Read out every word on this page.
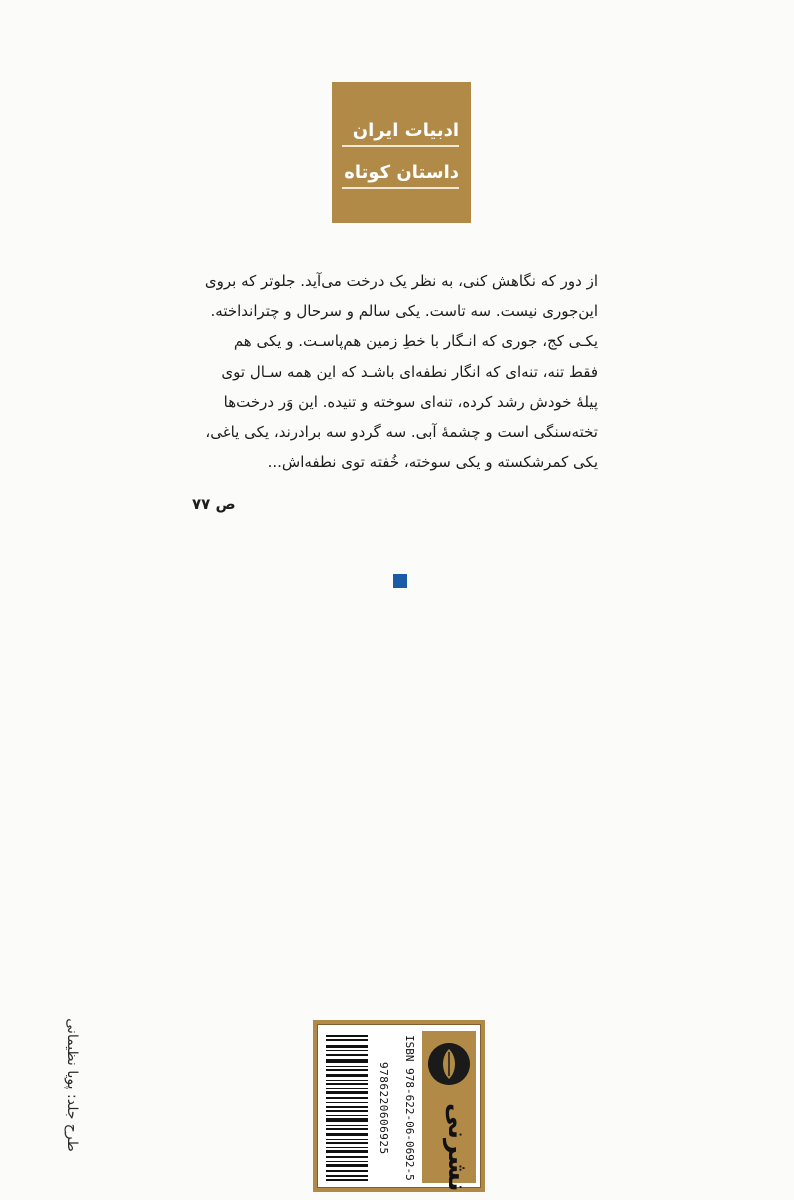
ادبیات ایران
داستان کوتاه
از دور که نگاهش کنی، به نظر یک درخت می‌آید. جلوتر که بروی
این‌جوری نیست. سه تاست. یکی سالم و سرحال و چترانداخته.
یکـی کج، جوری که انـگار با خطِ زمین هم‌پاسـت. و یکی هم
فقط تنه، تنه‌ای که انگار نطفه‌ای باشـد که این همه سـال توی
پیلهٔ خودش رشد کرده، تنه‌ای سوخته و تنیده. این وَر درخت‌ها
تخته‌سنگی است و چشمهٔ آبی. سه گردو سه برادرند، یکی یاغی،
یکی کمرشکسته و یکی سوخته، خُفته توی نطفه‌اش...
ص ۷۷
طرح جلد: پویا نظیمانی	9786220606925	ISBN 978-622-06-0692-5	نشرنی
